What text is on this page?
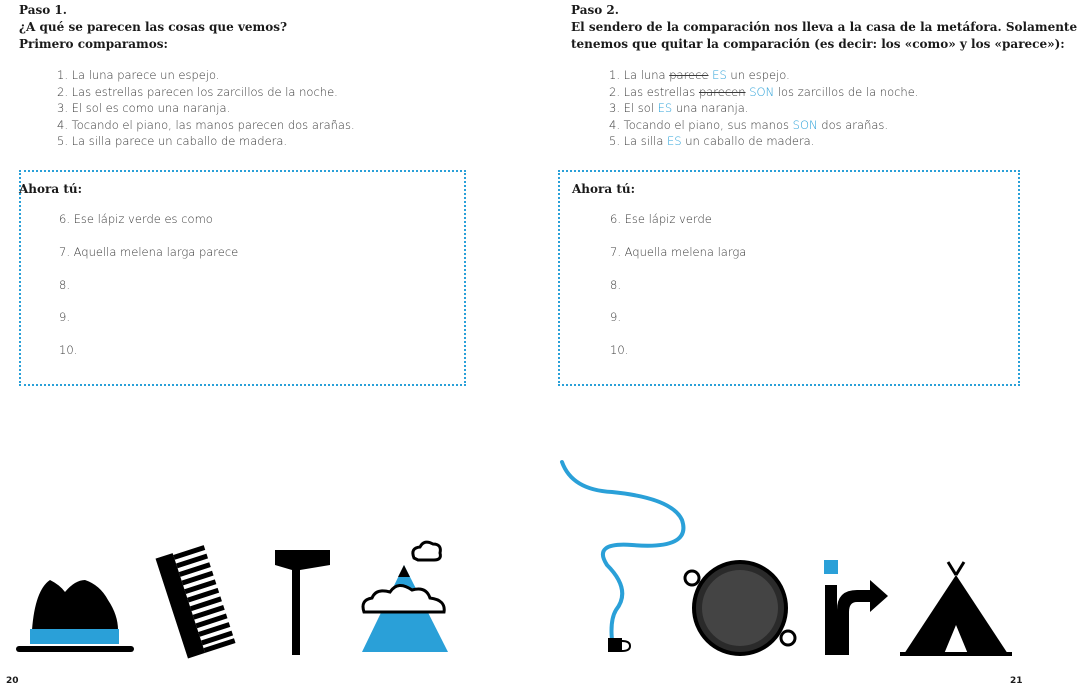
Paso 1.
¿A qué se parecen las cosas que vemos?
Primero comparamos:
1. La luna parece un espejo.
2. Las estrellas parecen los zarcillos de la noche.
3. El sol es como una naranja.
4. Tocando el piano, las manos parecen dos arañas.
5. La silla parece un caballo de madera.
Ahora tú:
6. Ese lápiz verde es como
7. Aquella melena larga parece
8.
9.
10.
20
Paso 2.
El sendero de la comparación nos lleva a la casa de la metáfora. Solamente
tenemos que quitar la comparación (es decir: los «como» y los «parece»):
1. La luna parece ES un espejo.
2. Las estrellas parecen SON los zarcillos de la noche.
3. El sol ES una naranja.
4. Tocando el piano, sus manos SON dos arañas.
5. La silla ES un caballo de madera.
Ahora tú:
6. Ese lápiz verde
7. Aquella melena larga
8.
9.
10.
21
